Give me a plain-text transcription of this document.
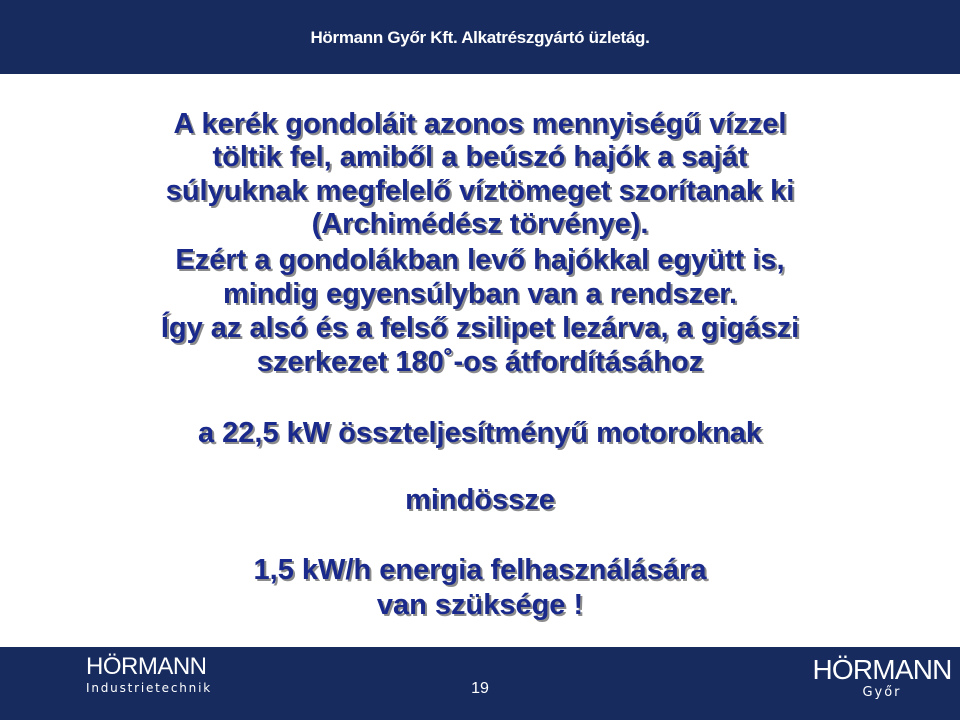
Hörmann Győr Kft. Alkatrészgyártó üzletág.
A kerék gondoláit azonos mennyiségű vízzel
töltik fel, amiből a beúszó hajók a saját
súlyuknak megfelelő víztömeget szorítanak ki
(Archimédész törvénye).
Ezért a gondolákban levő hajókkal együtt is,
mindig egyensúlyban van a rendszer.
Így az alsó és a felső zsilipet lezárva, a gigászi
szerkezet 180˚-os átfordításához
a 22,5 kW összteljesítményű motoroknak
mindössze
1,5 kW/h energia felhasználására
van szüksége !
HÖRMANN
Industrietechnik	19
HÖRMANN
Győr
